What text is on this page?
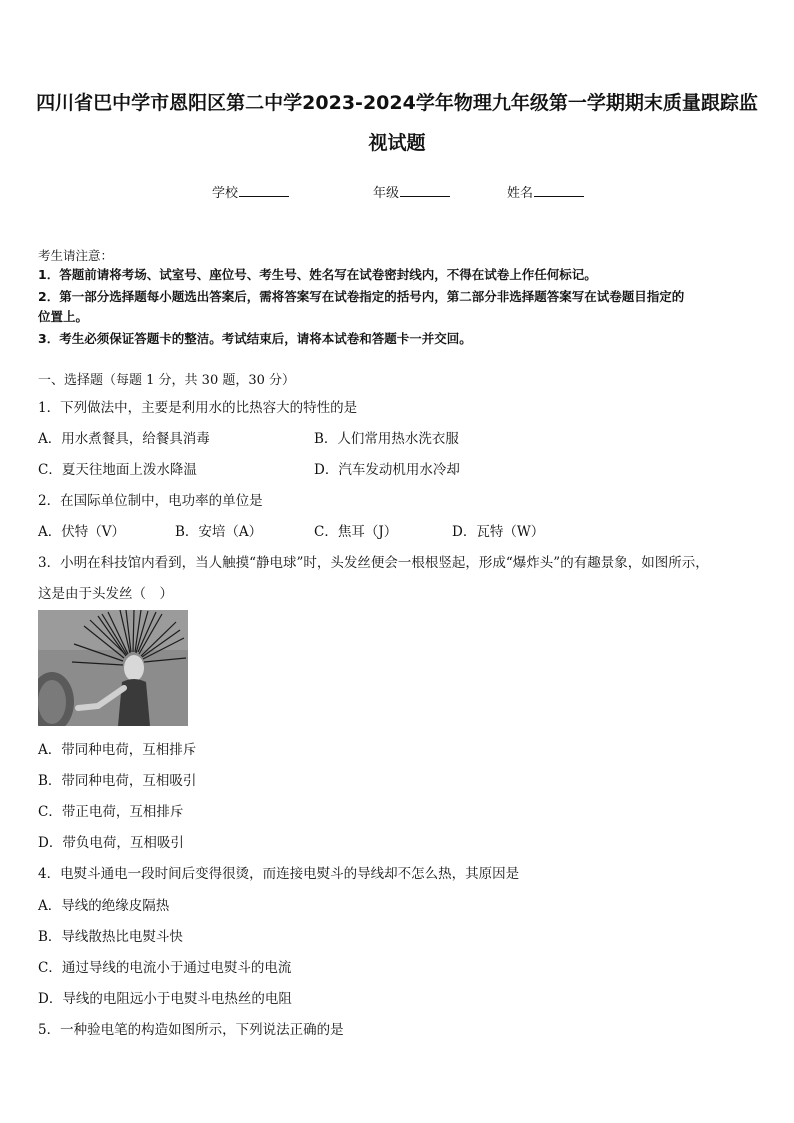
四川省巴中学市恩阳区第二中学2023-2024学年物理九年级第一学期期末质量跟踪监
视试题
学校	年级	姓名
考生请注意：
1．答题前请将考场、试室号、座位号、考生号、姓名写在试卷密封线内，不得在试卷上作任何标记。
2．第一部分选择题每小题选出答案后，需将答案写在试卷指定的括号内，第二部分非选择题答案写在试卷题目指定的
位置上。
3．考生必须保证答题卡的整洁。考试结束后，请将本试卷和答题卡一并交回。
一、选择题（每题 1 分，共 30 题，30 分）
1．下列做法中，主要是利用水的比热容大的特性的是
A．用水煮餐具，给餐具消毒	B．人们常用热水洗衣服
C．夏天往地面上泼水降温	D．汽车发动机用水冷却
2．在国际单位制中，电功率的单位是
A．伏特（V）	B．安培（A）	C．焦耳（J）	D．瓦特（W）
3．小明在科技馆内看到，当人触摸“静电球”时，头发丝便会一根根竖起，形成“爆炸头”的有趣景象，如图所示，
这是由于头发丝（　）
A．带同种电荷，互相排斥
B．带同种电荷，互相吸引
C．带正电荷，互相排斥
D．带负电荷，互相吸引
4．电熨斗通电一段时间后变得很烫，而连接电熨斗的导线却不怎么热，其原因是
A．导线的绝缘皮隔热
B．导线散热比电熨斗快
C．通过导线的电流小于通过电熨斗的电流
D．导线的电阻远小于电熨斗电热丝的电阻
5．一种验电笔的构造如图所示，下列说法正确的是
